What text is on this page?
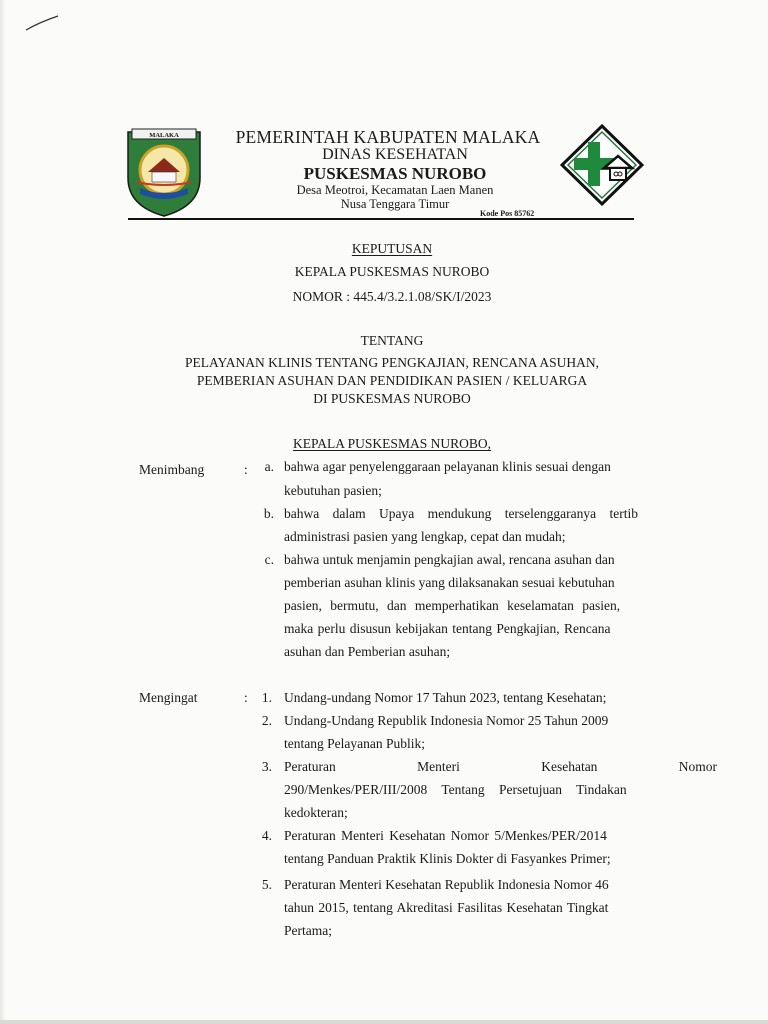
MALAKA	PEMERINTAH KABUPATEN MALAKA
DINAS KESEHATAN
PUSKESMAS NUROBO
Desa Meotroi, Kecamatan Laen Manen
Nusa Tenggara Timur
Kode Pos 85762
KEPUTUSAN
KEPALA PUSKESMAS NUROBO
NOMOR : 445.4/3.2.1.08/SK/I/2023
TENTANG
PELAYANAN KLINIS TENTANG PENGKAJIAN, RENCANA ASUHAN,
PEMBERIAN ASUHAN DAN PENDIDIKAN PASIEN / KELUARGA
DI PUSKESMAS NUROBO
KEPALA PUSKESMAS NUROBO,
Menimbang	:	a. bahwa agar penyelenggaraan pelayanan klinis sesuai dengan
kebutuhan pasien;
b. bahwa dalam Upaya mendukung terselenggaranya tertib
administrasi pasien yang lengkap, cepat dan mudah;
c. bahwa untuk menjamin pengkajian awal, rencana asuhan dan
pemberian asuhan klinis yang dilaksanakan sesuai kebutuhan
pasien, bermutu, dan memperhatikan keselamatan pasien,
maka perlu disusun kebijakan tentang Pengkajian, Rencana
asuhan dan Pemberian asuhan;
Mengingat	:	1. Undang-undang Nomor 17 Tahun 2023, tentang Kesehatan;
2. Undang-Undang Republik Indonesia Nomor 25 Tahun 2009
tentang Pelayanan Publik;
3. Peraturan Menteri Kesehatan Nomor
290/Menkes/PER/III/2008 Tentang Persetujuan Tindakan
kedokteran;
4. Peraturan Menteri Kesehatan Nomor 5/Menkes/PER/2014
tentang Panduan Praktik Klinis Dokter di Fasyankes Primer;
5. Peraturan Menteri Kesehatan Republik Indonesia Nomor 46
tahun 2015, tentang Akreditasi Fasilitas Kesehatan Tingkat
Pertama;
